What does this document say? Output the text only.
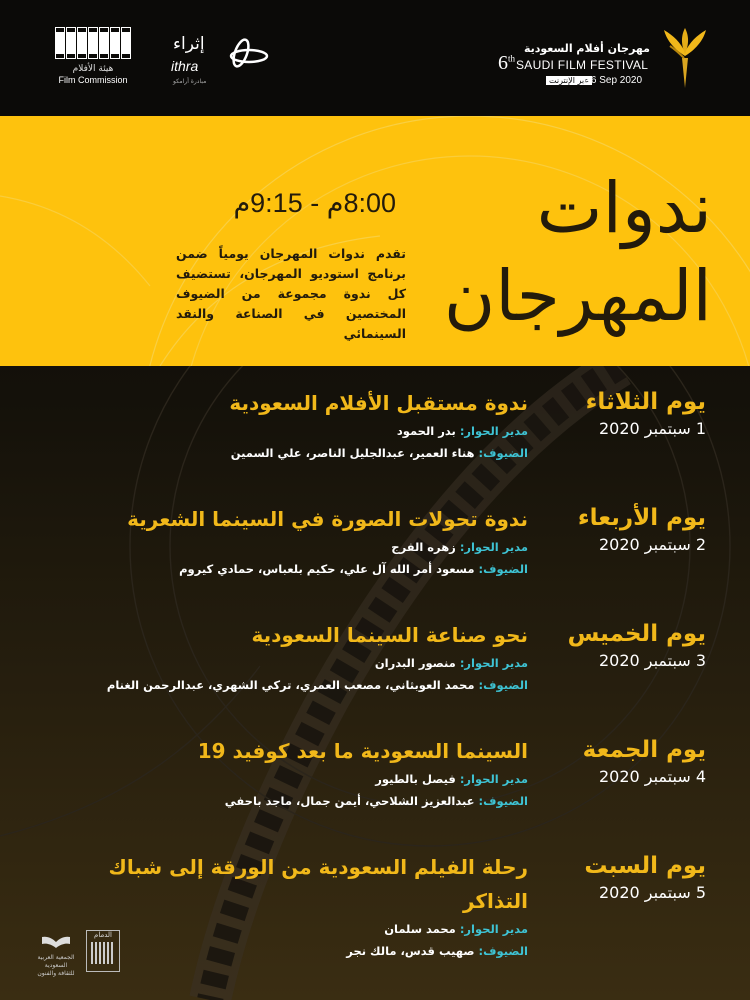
هيئة الأفلام
Film Commission
إثراء
ithra
مبادرة أرامكو
مهرجان أفلام السعودية
6th SAUDI FILM FESTIVAL
عبر الإنترنت
1-6 Sep 2020
ندوات
المهرجان
8:00م - 9:15م
تقدم ندوات المهرجان يومياً ضمن برنامج استوديو المهرجان، تستضيف كل ندوة مجموعة من الضيوف المختصين في الصناعة والنقد السينمائي
يوم الثلاثاء
1 سبتمبر 2020
ندوة مستقبل الأفلام السعودية
مدير الحوار: بدر الحمود
الضيوف: هناء العمير، عبدالجليل الناصر، علي السمين
يوم الأربعاء
2 سبتمبر 2020
ندوة تحولات الصورة في السينما الشعرية
مدير الحوار: زهره الفرج
الضيوف: مسعود أمر الله آل علي، حكيم بلعباس، حمادي كيروم
يوم الخميس
3 سبتمبر 2020
نحو صناعة السينما السعودية
مدير الحوار: منصور البدران
الضيوف: محمد العوبثاني، مصعب العمري، تركي الشهري، عبدالرحمن الغنام
يوم الجمعة
4 سبتمبر 2020
السينما السعودية ما بعد كوفيد 19
مدير الحوار: فيصل بالطيور
الضيوف: عبدالعزيز الشلاحي، أيمن جمال، ماجد باحفي
يوم السبت
5 سبتمبر 2020
رحلة الفيلم السعودية من الورقة إلى شباك التذاكر
مدير الحوار: محمد سلمان
الضيوف: صهيب قدس، مالك نجر
الجمعية العربية السعودية للثقافة والفنون
الدمام
